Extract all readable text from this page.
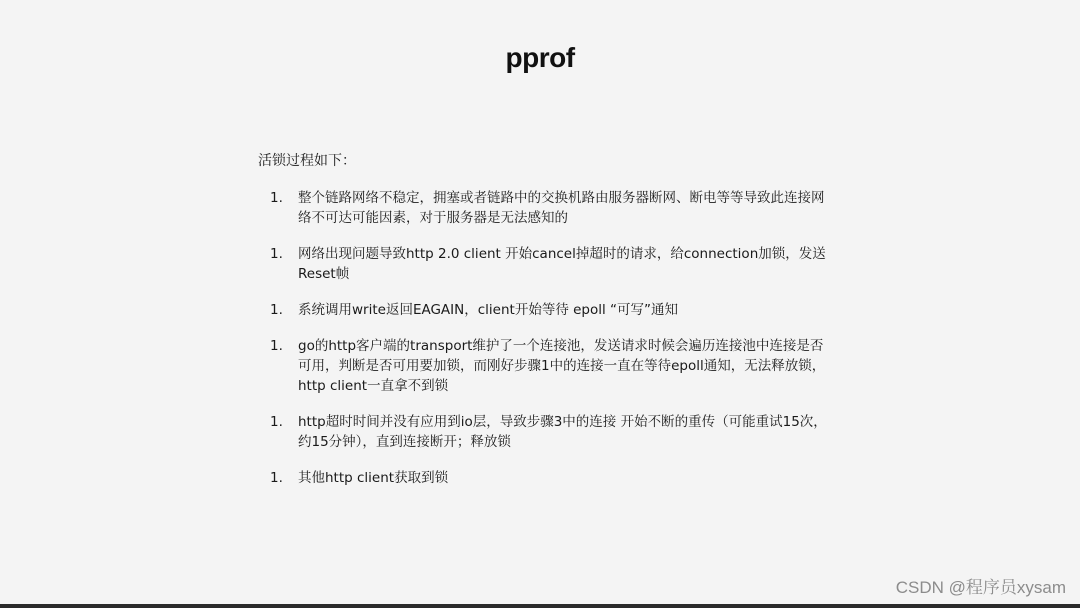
pprof

活锁过程如下：

1. 整个链路网络不稳定，拥塞或者链路中的交换机路由服务器断网、断电等等导致此连接网络不可达可能因素，对于服务器是无法感知的
1. 网络出现问题导致http 2.0 client 开始cancel掉超时的请求，给connection加锁，发送Reset帧
1. 系统调用write返回EAGAIN，client开始等待 epoll “可写”通知
1. go的http客户端的transport维护了一个连接池，发送请求时候会遍历连接池中连接是否可用，判断是否可用要加锁，而刚好步骤1中的连接一直在等待epoll通知，无法释放锁，http client一直拿不到锁
1. http超时时间并没有应用到io层，导致步骤3中的连接 开始不断的重传（可能重试15次，约15分钟），直到连接断开；释放锁
1. 其他http client获取到锁
CSDN @程序员xysam
